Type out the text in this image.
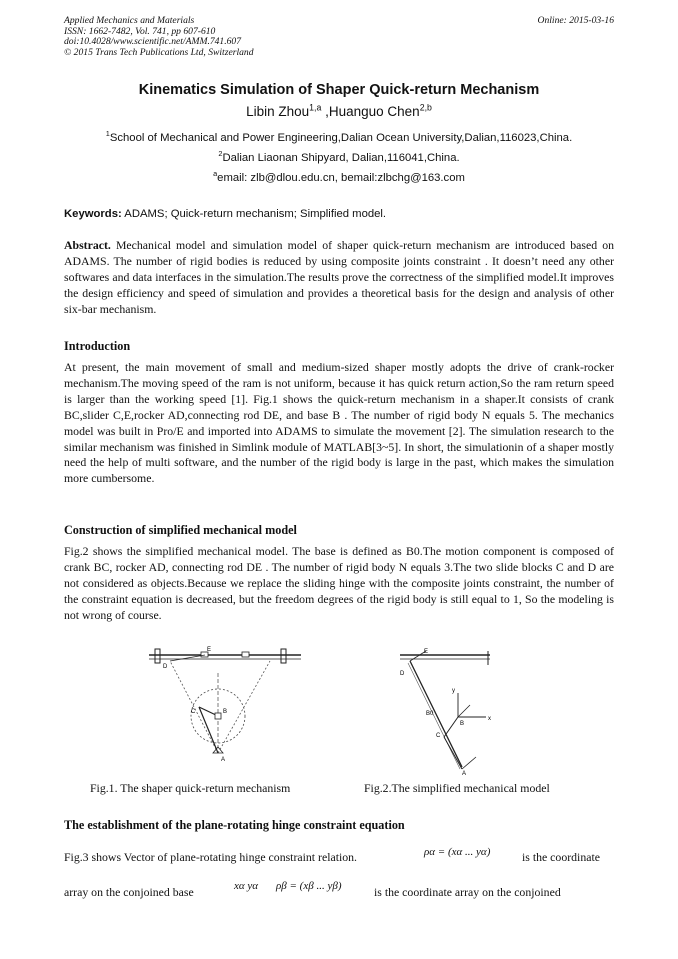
Applied Mechanics and Materials
ISSN: 1662-7482, Vol. 741, pp 607-610
doi:10.4028/www.scientific.net/AMM.741.607
© 2015 Trans Tech Publications Ltd, Switzerland
Online: 2015-03-16
Kinematics Simulation of Shaper Quick-return Mechanism
Libin Zhou$^{1,a}$ ,Huanguo Chen$^{2,b}$
$^1$School of Mechanical and Power Engineering,Dalian Ocean University,Dalian,116023,China.
$^2$Dalian Liaonan Shipyard, Dalian,116041,China.
$^a$email: zlb@dlou.edu.cn, bemail:zlbchg@163.com
Keywords: ADAMS; Quick-return mechanism; Simplified model.
Abstract. Mechanical model and simulation model of shaper quick-return mechanism are introduced based on ADAMS. The number of rigid bodies is reduced by using composite joints constraint . It doesn’t need any other softwares and data interfaces in the simulation.The results prove the correctness of the simplified model.It improves the design efficiency and speed of simulation and provides a theoretical basis for the design and analysis of other six-bar mechanism.
Introduction
At present, the main movement of small and medium-sized shaper mostly adopts the drive of crank-rocker mechanism.The moving speed of the ram is not uniform, because it has quick return action,So the ram return speed is larger than the working speed [1]. Fig.1 shows the quick-return mechanism in a shaper.It consists of crank BC,slider C,E,rocker AD,connecting rod DE, and base B . The number of rigid body N equals 5. The mechanics model was built in Pro/E and imported into ADAMS to simulate the movement [2]. The simulation research to the similar mechanism was finished in Simlink module of MATLAB[3~5]. In short, the simulationin of a shaper mostly need the help of multi software, and the number of the rigid body is large in the past, which makes the simulation more cumbersome.
Construction of simplified mechanical model
Fig.2 shows the simplified mechanical model. The base is defined as B0.The motion component is composed of crank BC, rocker AD, connecting rod DE . The number of rigid body N equals 3.The two slide blocks C and D are not considered as objects.Because we replace the sliding hinge with the composite joints constraint, the number of the constraint equation is decreased, but the freedom degrees of the rigid body is still equal to 1, So the modeling is not wrong of course.
E
D
C	B
A
y
x
E
D
C
B
A
B0
Fig.1. The shaper quick-return mechanism	Fig.2.The simplified mechanical model
The establishment of the plane-rotating hinge constraint equation
Fig.3 shows Vector of plane-rotating hinge constraint relation.	ρα = (xα ... yα)	is the coordinate
array on the conjoined base	xα yα ρβ = (xβ ... yβ)	is the coordinate array on the conjoined
